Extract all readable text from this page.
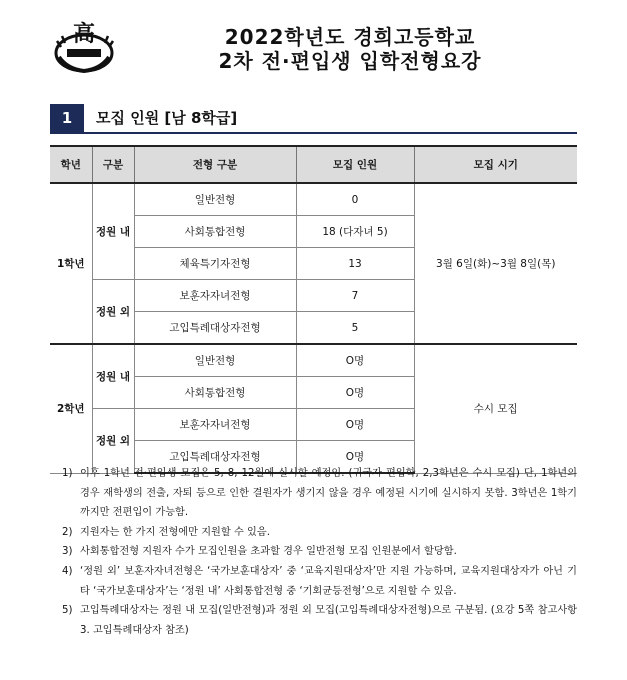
高	2022학년도 경희고등학교
2차 전·편입생 입학전형요강
1	모집 인원 [남 8학급]
학년	구분	전형 구분	모집 인원	모집 시기
1학년	정원 내	일반전형	0	3월 6일(화)~3월 8일(목)
		사회통합전형	18 (다자녀 5)	
		체육특기자전형	13	
	정원 외	보훈자자녀전형	7	
		고입특례대상자전형	5	
2학년	정원 내	일반전형	O명	수시 모집
		사회통합전형	O명	
	정원 외	보훈자자녀전형	O명	
		고입특례대상자전형	O명	
1) 이후 1학년 전·편입생 모집은 5, 8, 12월에 실시할 예정임. (귀국자 편입학, 2,3학년은 수시 모집) 단, 1학년의 경우 재학생의 전출, 자퇴 등으로 인한 결원자가 생기지 않을 경우 예정된 시기에 실시하지 못함. 3학년은 1학기 까지만 전편입이 가능함.
2) 지원자는 한 가지 전형에만 지원할 수 있음.
3) 사회통합전형 지원자 수가 모집인원을 초과할 경우 일반전형 모집 인원분에서 할당함.
4) ‘정원 외’ 보훈자자녀전형은 ‘국가보훈대상자’ 중 ‘교육지원대상자’만 지원 가능하며, 교육지원대상자가 아닌 기타 ‘국가보훈대상자’는 ‘정원 내’ 사회통합전형 중 ‘기회균등전형’으로 지원할 수 있음.
5) 고입특례대상자는 정원 내 모집(일반전형)과 정원 외 모집(고입특례대상자전형)으로 구분됨. (요강 5쪽 참고사항 3. 고입특례대상자 참조)
